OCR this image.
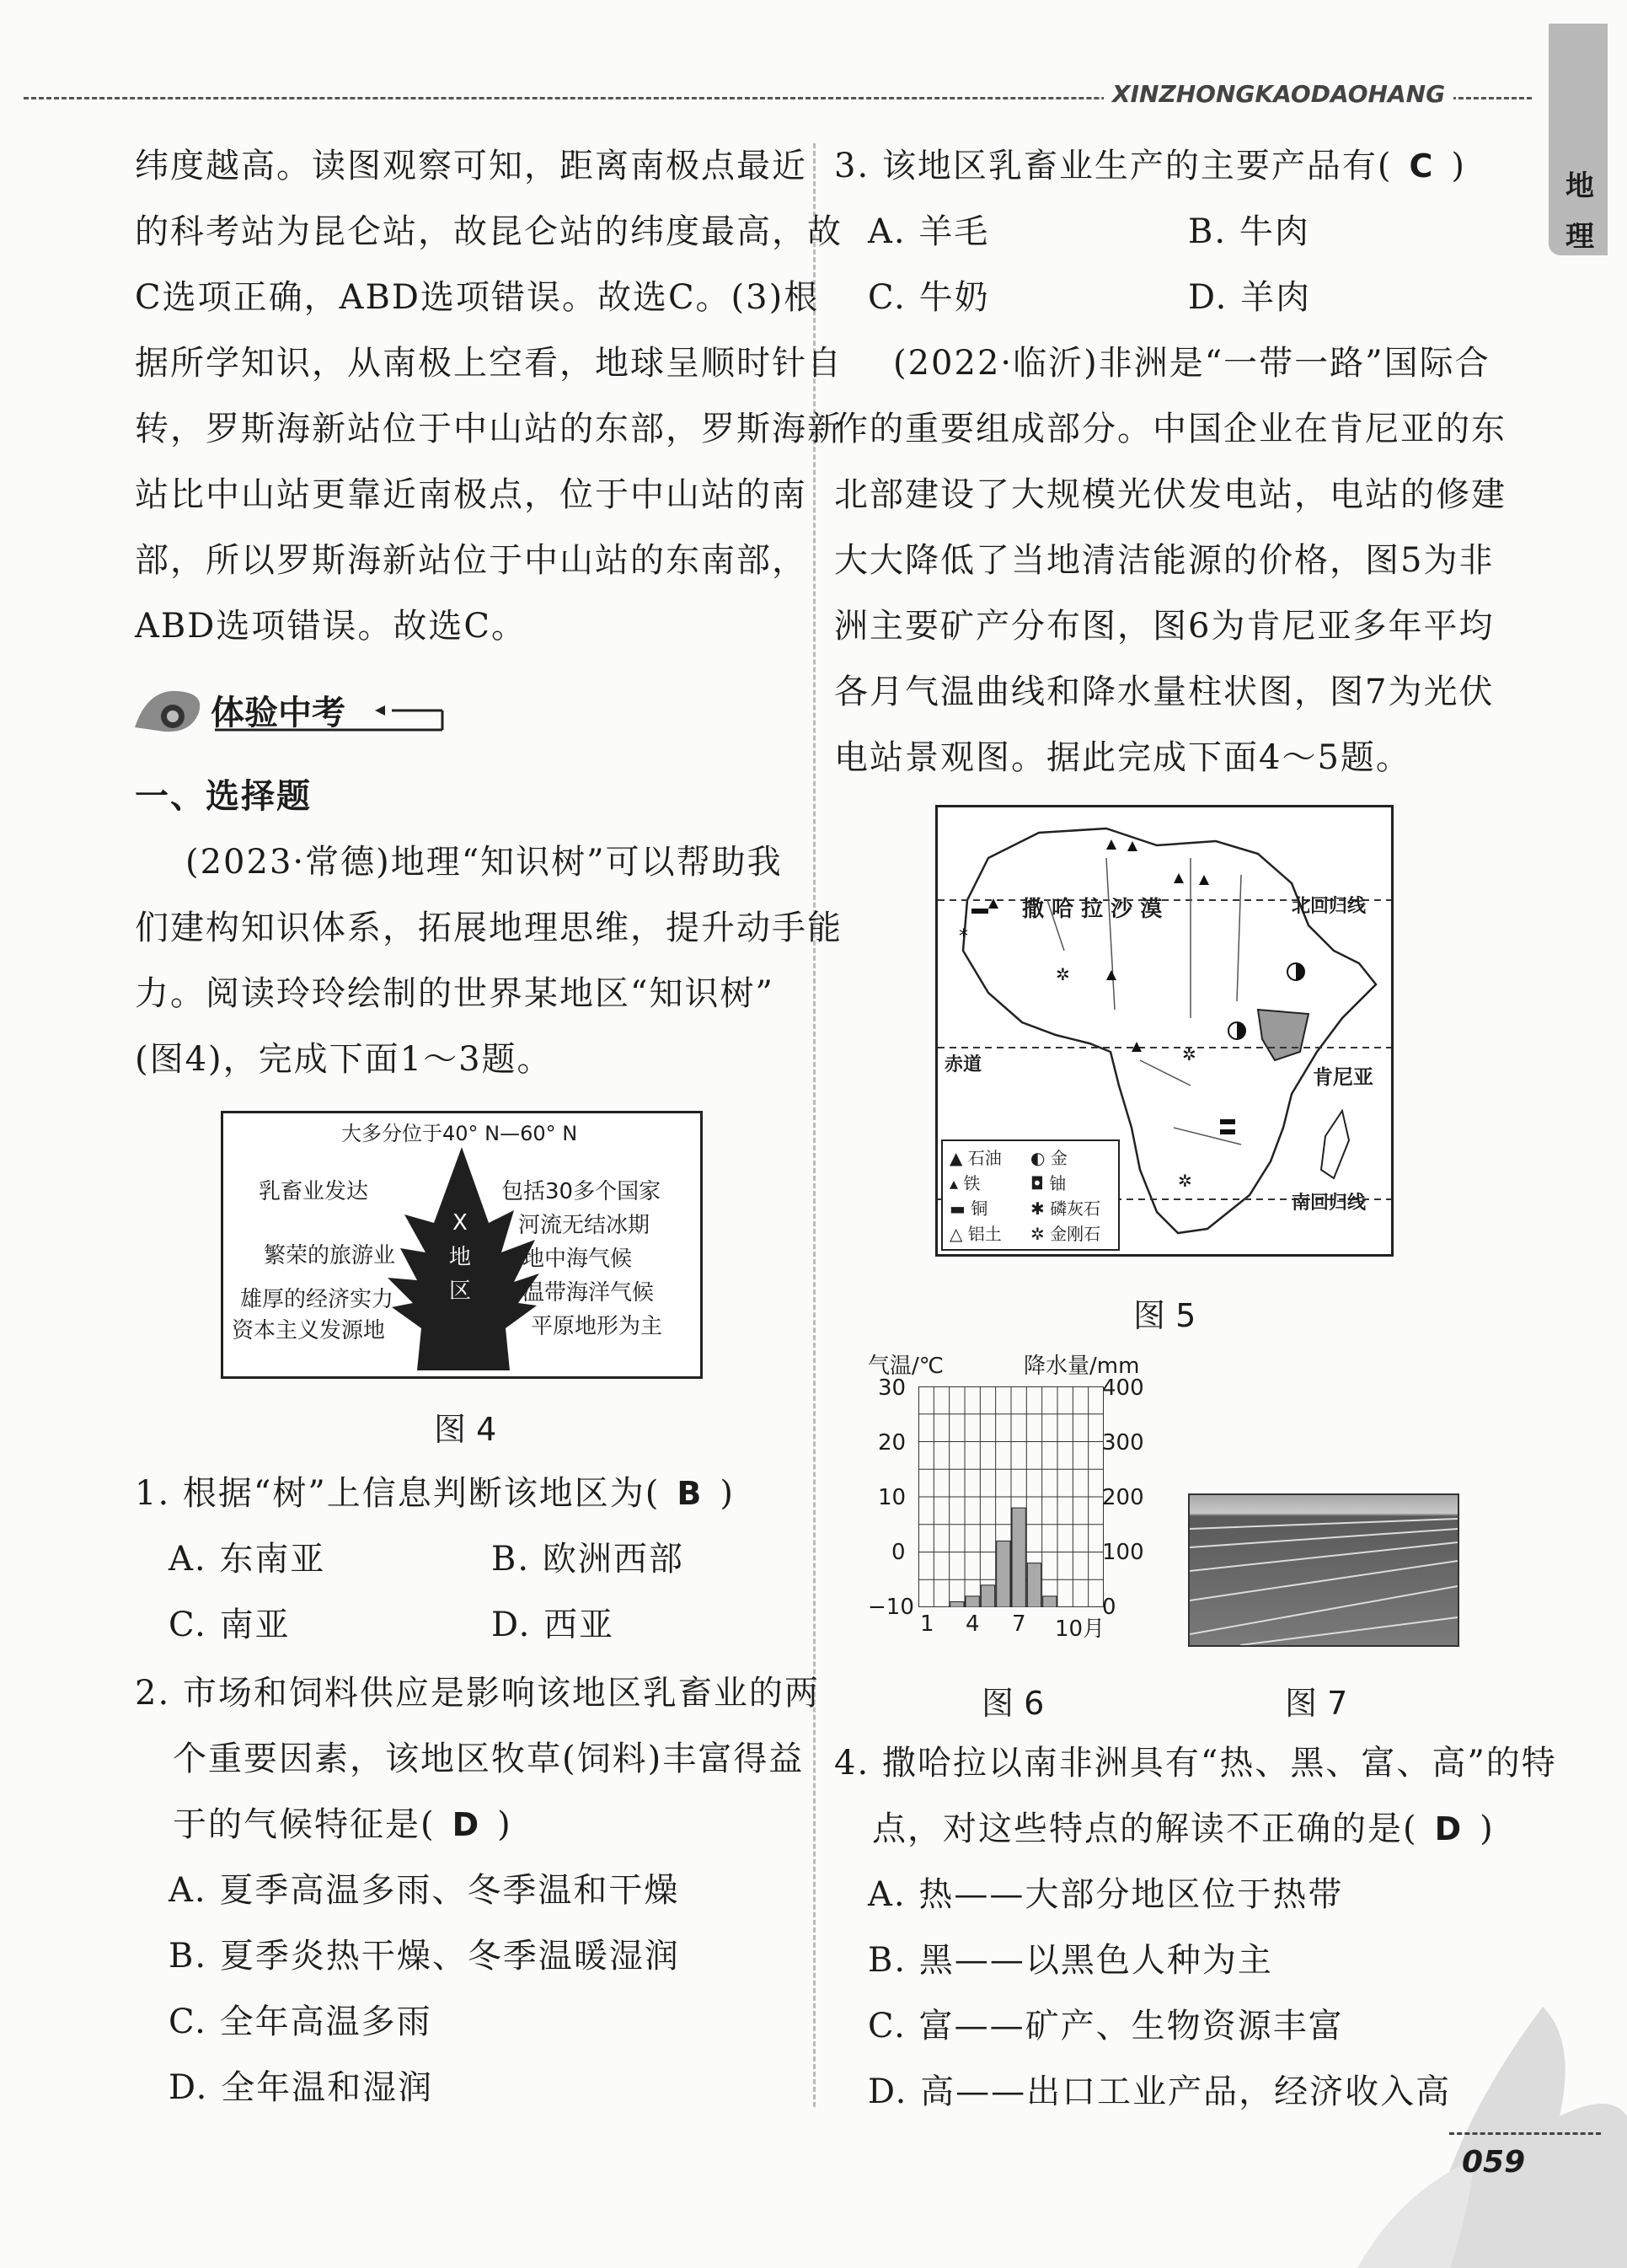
XINZHONGKAODAOHANG
地
理
纬度越高。读图观察可知，距离南极点最近
的科考站为昆仑站，故昆仑站的纬度最高，故
C选项正确，ABD选项错误。故选C。(3)根
据所学知识，从南极上空看，地球呈顺时针自
转，罗斯海新站位于中山站的东部，罗斯海新
站比中山站更靠近南极点，位于中山站的南
部，所以罗斯海新站位于中山站的东南部，
ABD选项错误。故选C。
体验中考
一、选择题
(2023·常德)地理“知识树”可以帮助我
们建构知识体系，拓展地理思维，提升动手能
力。阅读玲玲绘制的世界某地区“知识树”
(图4)，完成下面1～3题。
大多分位于40° N—60° N
X
地
区
乳畜业发达
繁荣的旅游业
雄厚的经济实力
资本主义发源地
包括30多个国家
河流无结冰期
地中海气候
温带海洋气候
平原地形为主
图 4
1. 根据“树”上信息判断该地区为( B )
A. 东南亚	B. 欧洲西部
C. 南亚	D. 西亚
2. 市场和饲料供应是影响该地区乳畜业的两
个重要因素，该地区牧草(饲料)丰富得益
于的气候特征是( D )
A. 夏季高温多雨、冬季温和干燥
B. 夏季炎热干燥、冬季温暖湿润
C. 全年高温多雨
D. 全年温和湿润
3. 该地区乳畜业生产的主要产品有( C )
A. 羊毛	B. 牛肉
C. 牛奶	D. 羊肉
(2022·临沂)非洲是“一带一路”国际合
作的重要组成部分。中国企业在肯尼亚的东
北部建设了大规模光伏发电站，电站的修建
大大降低了当地清洁能源的价格，图5为非
洲主要矿产分布图，图6为肯尼亚多年平均
各月气温曲线和降水量柱状图，图7为光伏
电站景观图。据此完成下面4～5题。
✲
✲
✲
*
撒 哈 拉 沙 漠	北回归线
赤道
南回归线
肯尼亚
▲ 石油 ◐ 金
▴ 铁	◘ 铀
▬ 铜	✱ 磷灰石
△ 铝土 ✲ 金刚石
图 5
气温/℃	降水量/mm
30
20
10
0
−10
400
300
200
100
0
1 4 7 10月
图 6	图 7
4. 撒哈拉以南非洲具有“热、黑、富、高”的特
点，对这些特点的解读不正确的是( D )
A. 热——大部分地区位于热带
B. 黑——以黑色人种为主
C. 富——矿产、生物资源丰富
D. 高——出口工业产品，经济收入高
059
